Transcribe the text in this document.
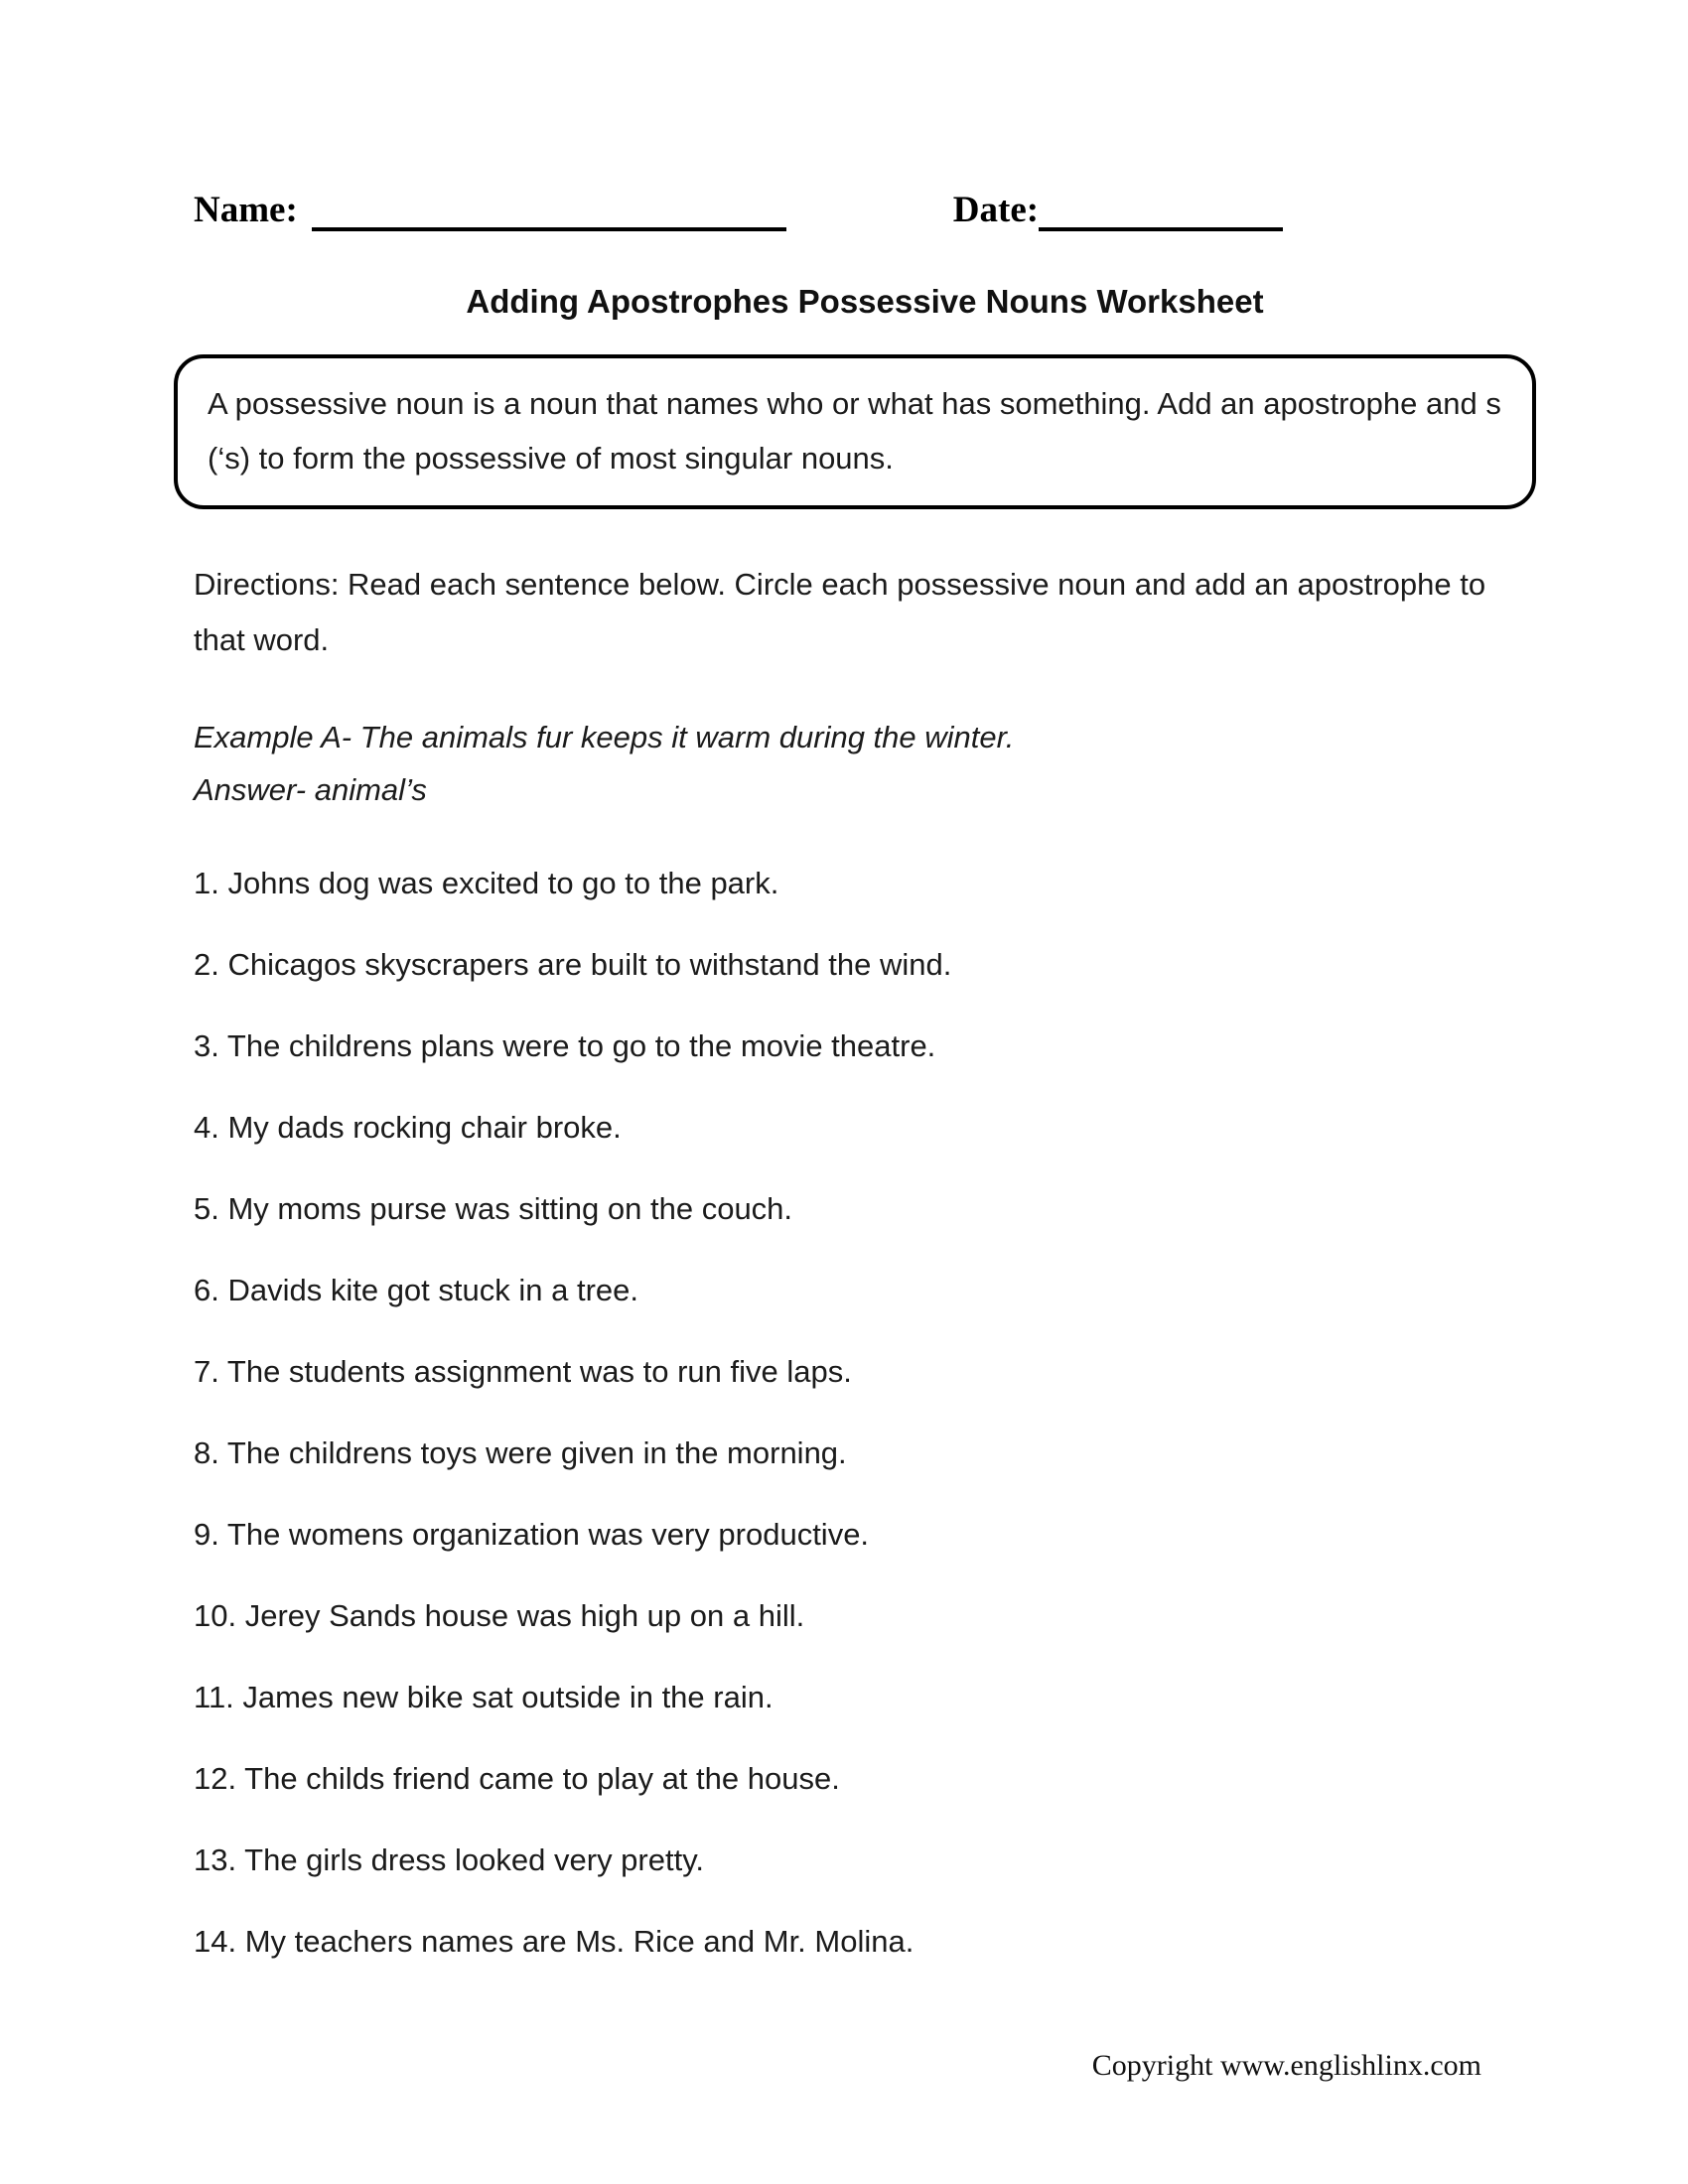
Name:	Date:
Adding Apostrophes Possessive Nouns Worksheet
A possessive noun is a noun that names who or what has something. Add an apostrophe and s (‘s) to form the possessive of most singular nouns.
Directions: Read each sentence below. Circle each possessive noun and add an apostrophe to that word.
Example A- The animals fur keeps it warm during the winter.
Answer- animal’s

1. Johns dog was excited to go to the park.

2. Chicagos skyscrapers are built to withstand the wind.

3. The childrens plans were to go to the movie theatre.

4. My dads rocking chair broke.

5. My moms purse was sitting on the couch.

6. Davids kite got stuck in a tree.

7. The students assignment was to run five laps.

8. The childrens toys were given in the morning.

9. The womens organization was very productive.

10. Jerey Sands house was high up on a hill.

11. James new bike sat outside in the rain.

12. The childs friend came to play at the house.

13. The girls dress looked very pretty.

14. My teachers names are Ms. Rice and Mr. Molina.

Copyright www.englishlinx.com
